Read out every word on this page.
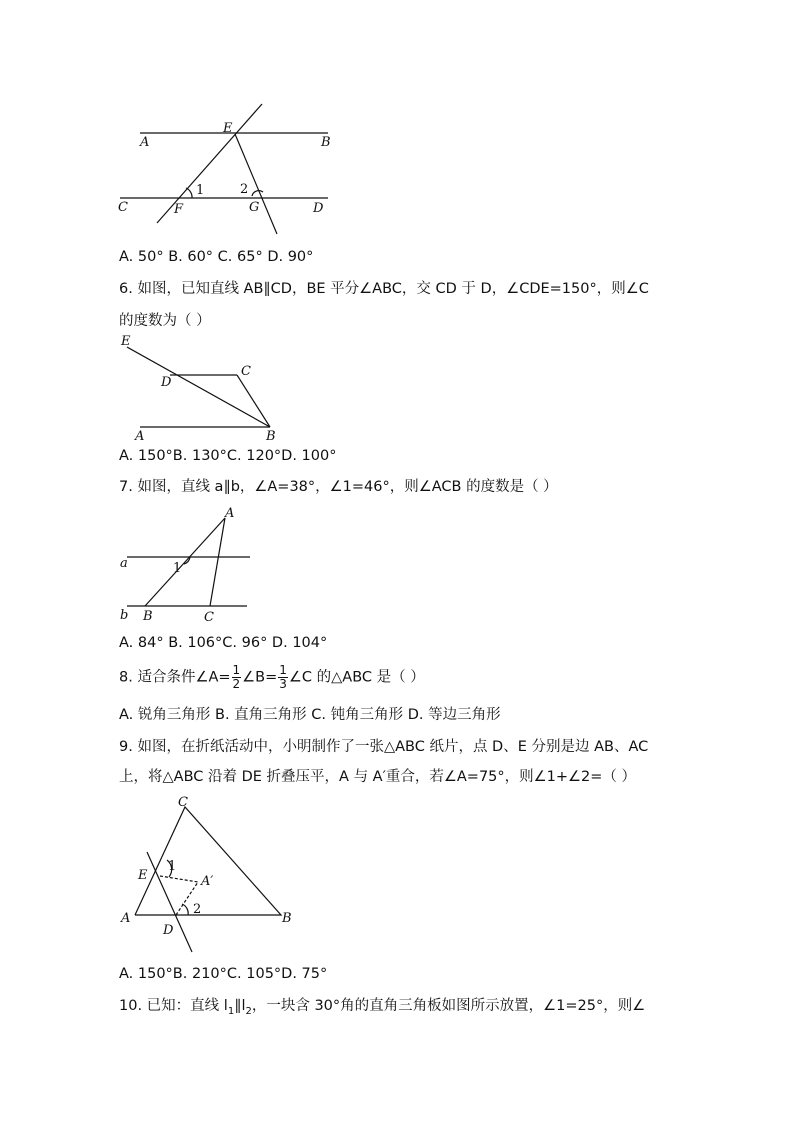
E
A	B
C	F	G	D
1	2
A. 50° B. 60° C. 65° D. 90°
6. 如图，已知直线 AB∥CD，BE 平分∠ABC，交 CD 于 D，∠CDE=150°，则∠C
的度数为（ ）
E
D
C
A	B
A. 150°B. 130°C. 120°D. 100°
7. 如图，直线 a∥b，∠A=38°，∠1=46°，则∠ACB 的度数是（ ）
A
a
b B	C
1
A. 84° B. 106°C. 96° D. 104°
8. 适合条件∠A= $\frac{1}{2}$ ∠B= $\frac{1}{3}$ ∠C 的△ABC 是（ ）
A. 锐角三角形 B. 直角三角形 C. 钝角三角形 D. 等边三角形
9. 如图，在折纸活动中，小明制作了一张△ABC 纸片，点 D、E 分别是边 AB、AC
上，将△ABC 沿着 DE 折叠压平，A 与 A′重合，若∠A=75°，则∠1+∠2=（ ）
C
E	A′
A
D
B
1
2
A. 150°B. 210°C. 105°D. 75°
10. 已知：直线 $l_1\parallel l_2$，一块含 30°角的直角三角板如图所示放置，∠1=25°，则∠
